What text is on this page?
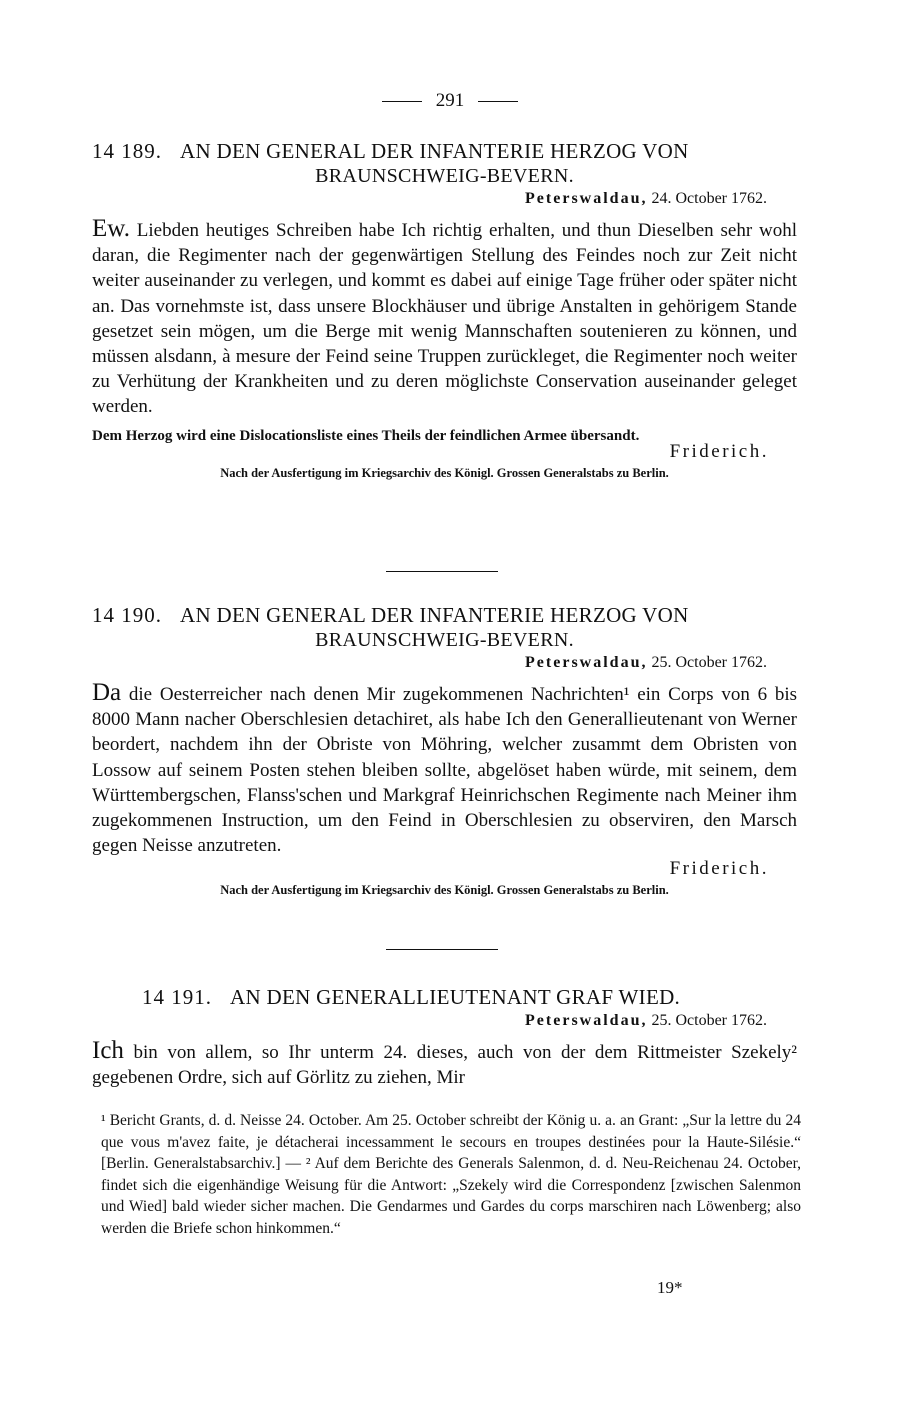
291
14 189. AN DEN GENERAL DER INFANTERIE HERZOG VON
BRAUNSCHWEIG-BEVERN.
Peterswaldau, 24. October 1762.
Ew. Liebden heutiges Schreiben habe Ich richtig erhalten, und thun Dieselben sehr wohl daran, die Regimenter nach der gegenwärtigen Stellung des Feindes noch zur Zeit nicht weiter auseinander zu verlegen, und kommt es dabei auf einige Tage früher oder später nicht an. Das vornehmste ist, dass unsere Blockhäuser und übrige Anstalten in gehörigem Stande gesetzet sein mögen, um die Berge mit wenig Mannschaften soutenieren zu können, und müssen alsdann, à mesure der Feind seine Truppen zurückleget, die Regimenter noch weiter zu Verhütung der Krankheiten und zu deren möglichste Conservation auseinander geleget werden.
Dem Herzog wird eine Dislocationsliste eines Theils der feindlichen Armee übersandt.
Friderich.
Nach der Ausfertigung im Kriegsarchiv des Königl. Grossen Generalstabs zu Berlin.
14 190. AN DEN GENERAL DER INFANTERIE HERZOG VON
BRAUNSCHWEIG-BEVERN.
Peterswaldau, 25. October 1762.
Da die Oesterreicher nach denen Mir zugekommenen Nachrichten¹ ein Corps von 6 bis 8000 Mann nacher Oberschlesien detachiret, als habe Ich den Generallieutenant von Werner beordert, nachdem ihn der Obriste von Möhring, welcher zusammt dem Obristen von Lossow auf seinem Posten stehen bleiben sollte, abgelöset haben würde, mit seinem, dem Württembergschen, Flanss'schen und Markgraf Heinrichschen Regimente nach Meiner ihm zugekommenen Instruction, um den Feind in Oberschlesien zu observiren, den Marsch gegen Neisse anzutreten.
Friderich.
Nach der Ausfertigung im Kriegsarchiv des Königl. Grossen Generalstabs zu Berlin.
14 191. AN DEN GENERALLIEUTENANT GRAF WIED.
Peterswaldau, 25. October 1762.
Ich bin von allem, so Ihr unterm 24. dieses, auch von der dem Rittmeister Szekely² gegebenen Ordre, sich auf Görlitz zu ziehen, Mir
¹ Bericht Grants, d. d. Neisse 24. October. Am 25. October schreibt der König u. a. an Grant: „Sur la lettre du 24 que vous m'avez faite, je détacherai incessamment le secours en troupes destinées pour la Haute-Silésie.“ [Berlin. Generalstabsarchiv.] — ² Auf dem Berichte des Generals Salenmon, d. d. Neu-Reichenau 24. October, findet sich die eigenhändige Weisung für die Antwort: „Szekely wird die Correspondenz [zwischen Salenmon und Wied] bald wieder sicher machen. Die Gendarmes und Gardes du corps marschiren nach Löwenberg; also werden die Briefe schon hinkommen.“
19*
